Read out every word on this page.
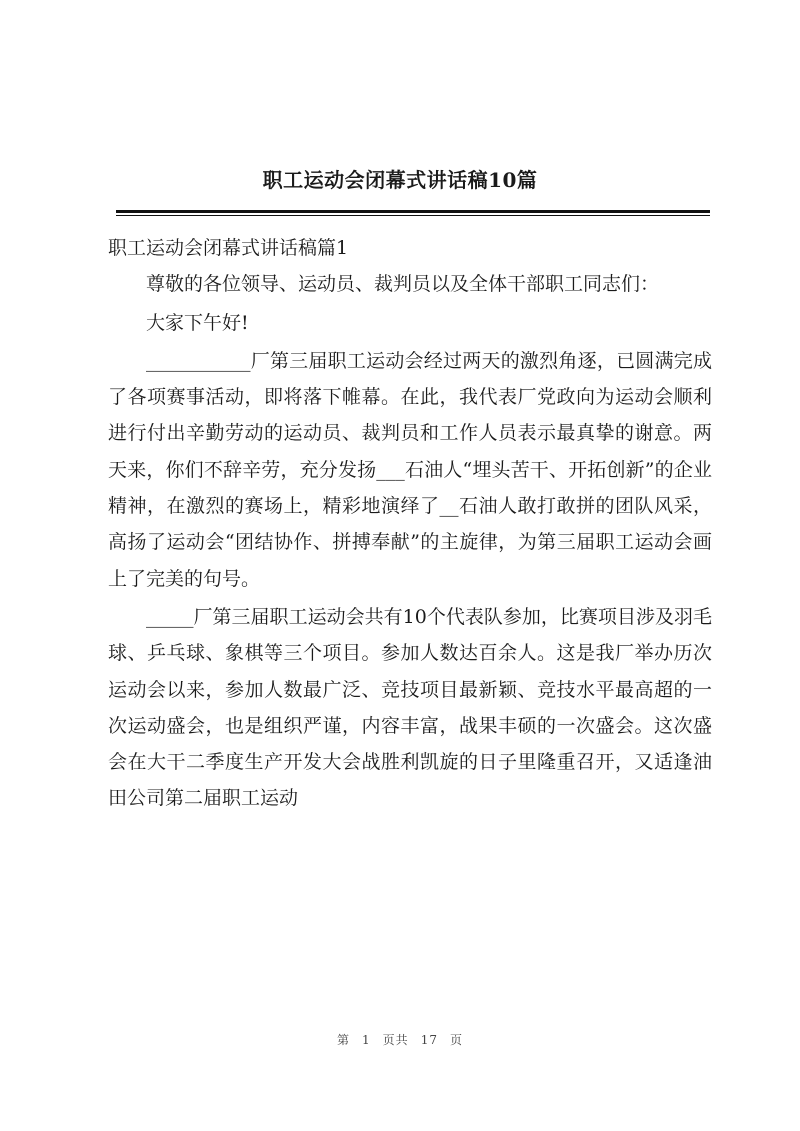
职工运动会闭幕式讲话稿10篇

职工运动会闭幕式讲话稿篇1

尊敬的各位领导、运动员、裁判员以及全体干部职工同志们：

大家下午好!

___________厂第三届职工运动会经过两天的激烈角逐，已圆满完成了各项赛事活动，即将落下帷幕。在此，我代表厂党政向为运动会顺利进行付出辛勤劳动的运动员、裁判员和工作人员表示最真挚的谢意。两天来，你们不辞辛劳，充分发扬___石油人“埋头苦干、开拓创新”的企业精神，在激烈的赛场上，精彩地演绎了__石油人敢打敢拼的团队风采，高扬了运动会“团结协作、拼搏奉献”的主旋律，为第三届职工运动会画上了完美的句号。

_____厂第三届职工运动会共有10个代表队参加，比赛项目涉及羽毛球、乒乓球、象棋等三个项目。参加人数达百余人。这是我厂举办历次运动会以来，参加人数最广泛、竞技项目最新颖、竞技水平最高超的一次运动盛会，也是组织严谨，内容丰富，战果丰硕的一次盛会。这次盛会在大干二季度生产开发大会战胜利凯旋的日子里隆重召开，又适逢油田公司第二届职工运动

第 1 页共 17 页
